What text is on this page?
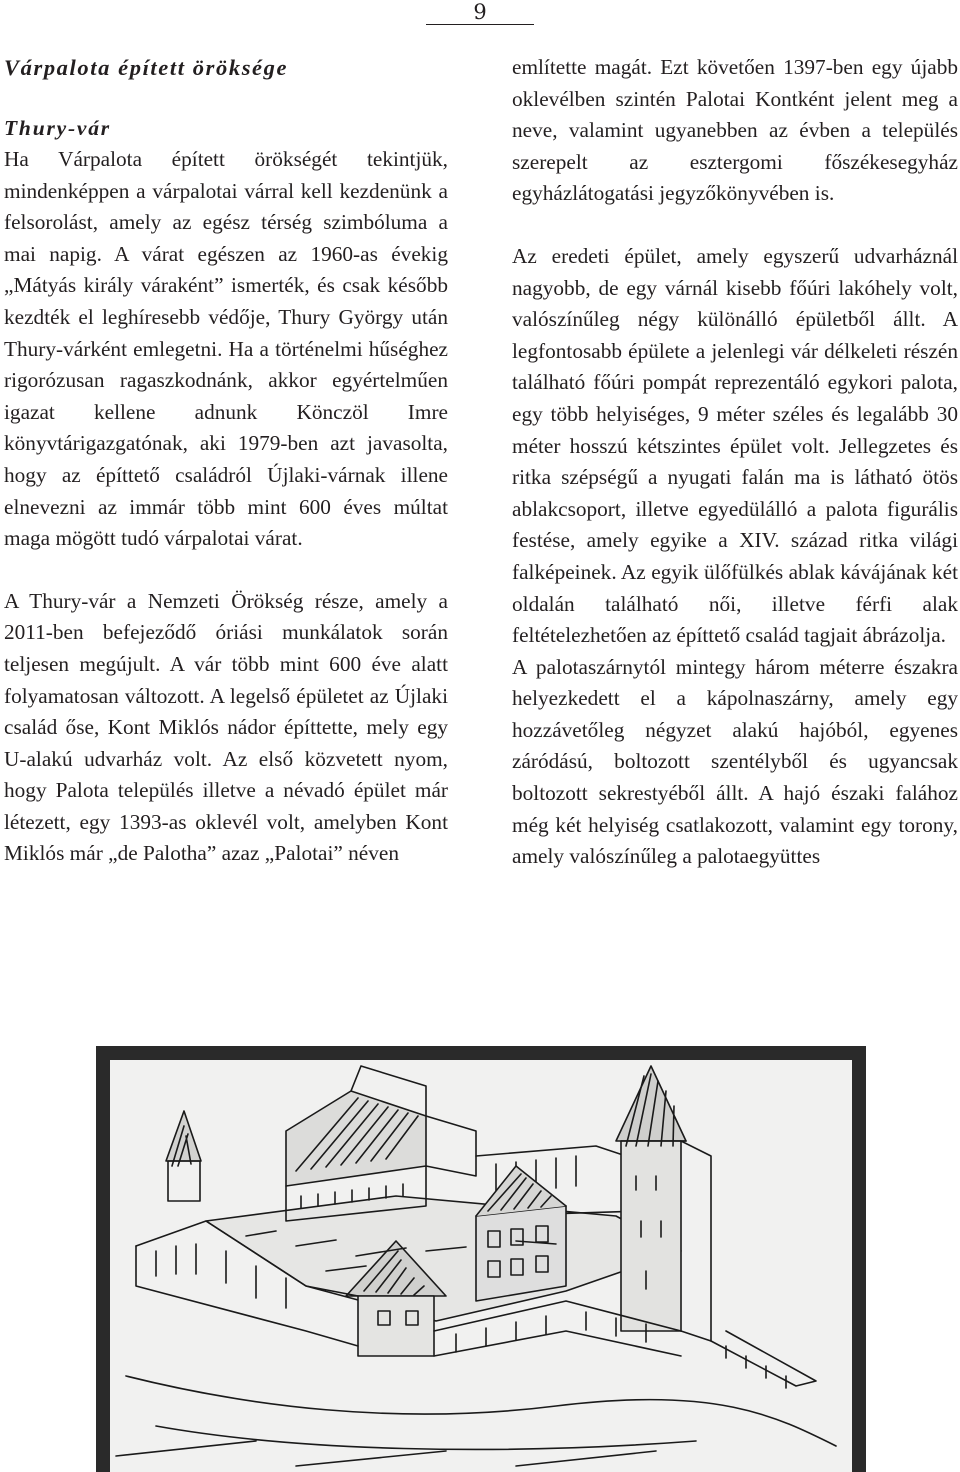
9
Várpalota épített öröksége
Thury-vár

Ha Várpalota épített örökségét tekintjük, mindenképpen a várpalotai várral kell kezdenünk a felsorolást, amely az egész térség szimbóluma a mai napig. A várat egészen az 1960-as évekig „Mátyás király váraként” ismerték, és csak később kezdték el leghíresebb védője, Thury György után Thury-várként emlegetni. Ha a történelmi hűséghez rigorózusan ragaszkodnánk, akkor egyértelműen igazat kellene adnunk Könczöl Imre könyvtárigazgatónak, aki 1979-ben azt javasolta, hogy az építtető családról Újlaki-várnak illene elnevezni az immár több mint 600 éves múltat maga mögött tudó várpalotai várat.

A Thury-vár a Nemzeti Örökség része, amely a 2011-ben befejeződő óriási munkálatok során teljesen megújult. A vár több mint 600 éve alatt folyamatosan változott. A legelső épületet az Újlaki család őse, Kont Miklós nádor építtette, mely egy U-alakú udvarház volt. Az első közvetett nyom, hogy Palota település illetve a névadó épület már létezett, egy 1393-as oklevél volt, amelyben Kont Miklós már „de Palotha” azaz „Palotai” néven

említette magát. Ezt követően 1397-ben egy újabb oklevélben szintén Palotai Kontként jelent meg a neve, valamint ugyanebben az évben a település szerepelt az esztergomi főszékesegyház egyházlátogatási jegyzőkönyvében is.

Az eredeti épület, amely egyszerű udvarháznál nagyobb, de egy várnál kisebb főúri lakóhely volt, valószínűleg négy különálló épületből állt. A legfontosabb épülete a jelenlegi vár délkeleti részén található főúri pompát reprezentáló egykori palota, egy több helyiséges, 9 méter széles és legalább 30 méter hosszú kétszintes épület volt. Jellegzetes és ritka szépségű a nyugati falán ma is látható ötös ablakcsoport, illetve egyedülálló a palota figurális festése, amely egyike a XIV. század ritka világi falképeinek. Az egyik ülőfülkés ablak kávájának két oldalán található női, illetve férfi alak feltételezhetően az építtető család tagjait ábrázolja.

A palotaszárnytól mintegy három méterre északra helyezkedett el a kápolnaszárny, amely egy hozzávetőleg négyzet alakú hajóból, egyenes záródású, boltozott szentélyből és ugyancsak boltozott sekrestyéből állt. A hajó északi falához még két helyiség csatlakozott, valamint egy torony, amely valószínűleg a palotaegyüttes
